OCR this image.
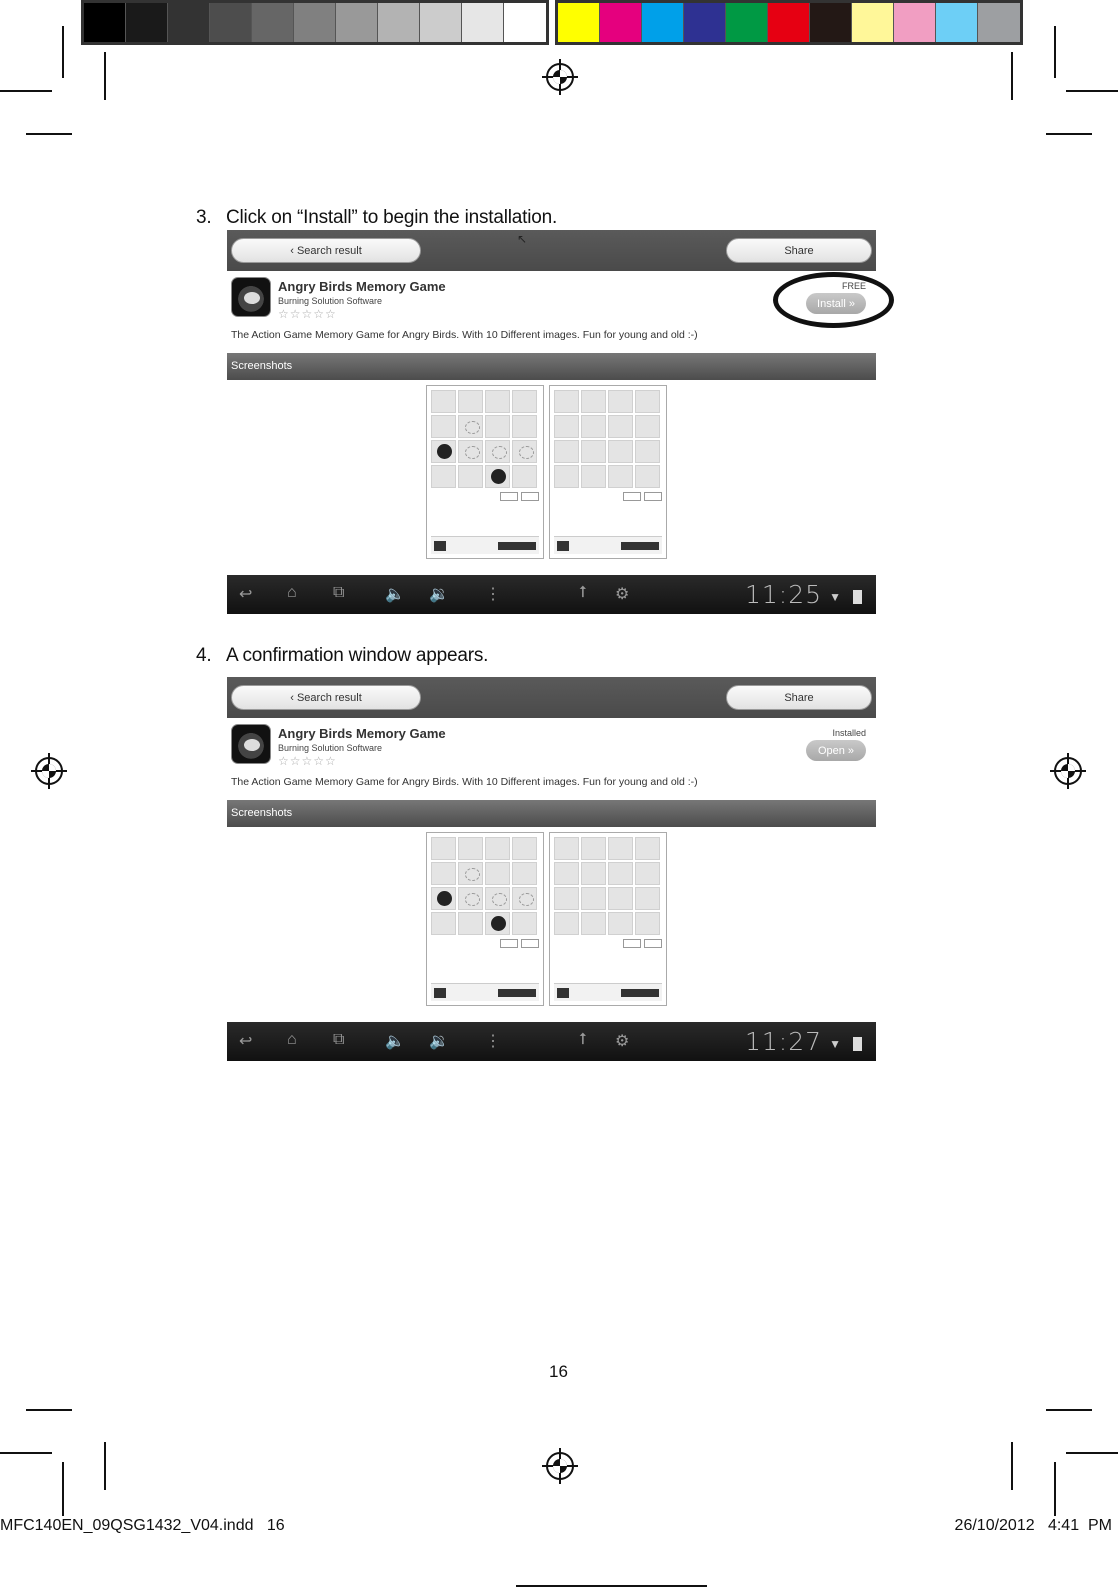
3. Click on “Install” to begin the installation.
‹ Search result
↖
Share
Angry Birds Memory Game
Burning Solution Software
☆☆☆☆☆
FREE
Install »
The Action Game Memory Game for Angry Birds. With 10 Different images. Fun for young and old :-)
Screenshots
↩ ⌂ ⧉	🔈 🔉 ⋮	⭡ ⚙	11:25 ▼
4. A confirmation window appears.
‹ Search result	Share
Angry Birds Memory Game
Burning Solution Software
☆☆☆☆☆
Installed
Open »
The Action Game Memory Game for Angry Birds. With 10 Different images. Fun for young and old :-)
Screenshots
↩ ⌂ ⧉	🔈 🔉 ⋮	⭡ ⚙	11:27 ▼
16
MFC140EN_09QSG1432_V04.indd   16	26/10/2012   4:41  PM
